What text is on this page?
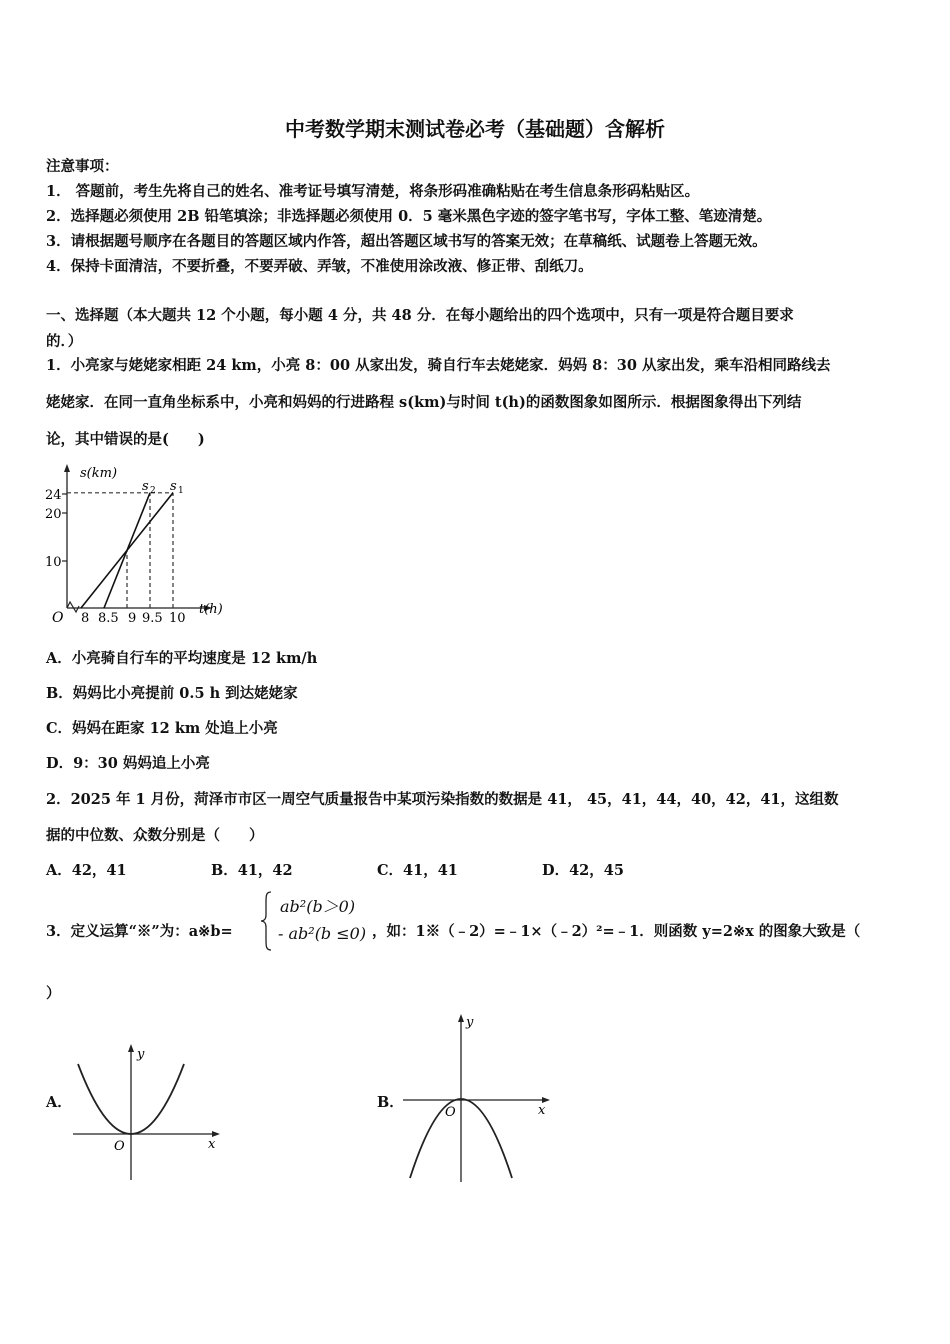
中考数学期末测试卷必考（基础题）含解析
注意事项：
1． 答题前，考生先将自己的姓名、准考证号填写清楚，将条形码准确粘贴在考生信息条形码粘贴区。
2．选择题必须使用 2B 铅笔填涂；非选择题必须使用 0．5 毫米黑色字迹的签字笔书写，字体工整、笔迹清楚。
3．请根据题号顺序在各题目的答题区域内作答，超出答题区域书写的答案无效；在草稿纸、试题卷上答题无效。
4．保持卡面清洁，不要折叠，不要弄破、弄皱，不准使用涂改液、修正带、刮纸刀。
一、选择题（本大题共 12 个小题，每小题 4 分，共 48 分．在每小题给出的四个选项中，只有一项是符合题目要求
的．）
1．小亮家与姥姥家相距 24 km，小亮 8：00 从家出发，骑自行车去姥姥家．妈妈 8：30 从家出发，乘车沿相同路线去
姥姥家．在同一直角坐标系中，小亮和妈妈的行进路程 s(km)与时间 t(h)的函数图象如图所示．根据图象得出下列结
论，其中错误的是(　　)
s(km)
24
20
10
O 8 8.5 9 9.5 10
t(h)
s 2 s 1
A．小亮骑自行车的平均速度是 12 km/h
B．妈妈比小亮提前 0.5 h 到达姥姥家
C．妈妈在距家 12 km 处追上小亮
D．9：30 妈妈追上小亮
2．2025 年 1 月份，菏泽市市区一周空气质量报告中某项污染指数的数据是 41， 45，41，44，40，42，41，这组数
据的中位数、众数分别是（　　）
A．42，41	B．41，42	C．41，41	D．42，45
3．定义运算“※”为：a※b=
ab²(b＞0)
- ab²(b ≤0) ，如：1※（﹣2）=﹣1×（﹣2）²=﹣1．则函数 y=2※x 的图象大致是（
）
A．
y
x
O
B．
y
x
O
